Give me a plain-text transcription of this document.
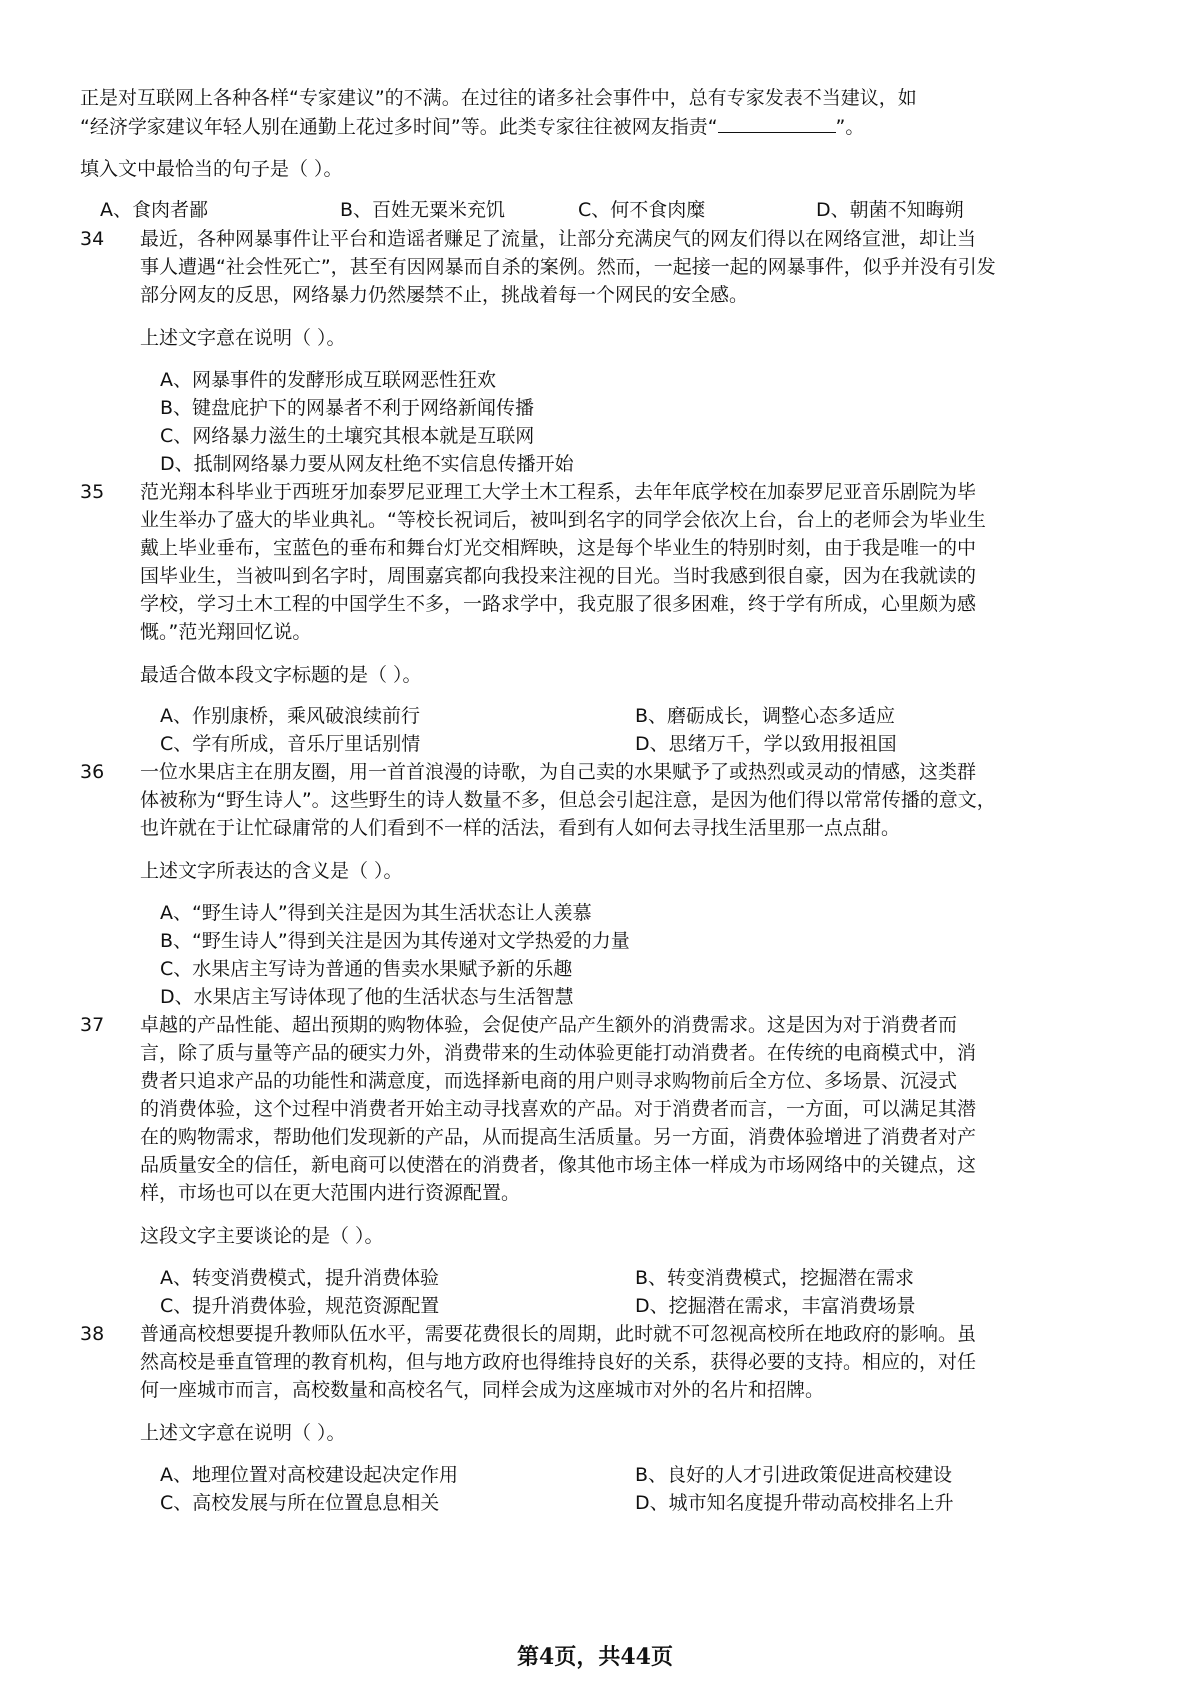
正是对互联网上各种各样“专家建议”的不满。在过往的诸多社会事件中，总有专家发表不当建议，如
“经济学家建议年轻人别在通勤上花过多时间”等。此类专家往往被网友指责“	”。
填入文中最恰当的句子是（ ）。
A、食肉者鄙	B、百姓无粟米充饥	C、何不食肉糜	D、朝菌不知晦朔
34 最近，各种网暴事件让平台和造谣者赚足了流量，让部分充满戾气的网友们得以在网络宣泄，却让当
事人遭遇“社会性死亡”，甚至有因网暴而自杀的案例。然而，一起接一起的网暴事件，似乎并没有引发
部分网友的反思，网络暴力仍然屡禁不止，挑战着每一个网民的安全感。
上述文字意在说明（ ）。
A、网暴事件的发酵形成互联网恶性狂欢
B、键盘庇护下的网暴者不利于网络新闻传播
C、网络暴力滋生的土壤究其根本就是互联网
D、抵制网络暴力要从网友杜绝不实信息传播开始
35 范光翔本科毕业于西班牙加泰罗尼亚理工大学土木工程系，去年年底学校在加泰罗尼亚音乐剧院为毕
业生举办了盛大的毕业典礼。“等校长祝词后，被叫到名字的同学会依次上台，台上的老师会为毕业生
戴上毕业垂布，宝蓝色的垂布和舞台灯光交相辉映，这是每个毕业生的特别时刻，由于我是唯一的中
国毕业生，当被叫到名字时，周围嘉宾都向我投来注视的目光。当时我感到很自豪，因为在我就读的
学校，学习土木工程的中国学生不多，一路求学中，我克服了很多困难，终于学有所成，心里颇为感
慨。”范光翔回忆说。
最适合做本段文字标题的是（ ）。
A、作别康桥，乘风破浪续前行	B、磨砺成长，调整心态多适应
C、学有所成，音乐厅里话别情	D、思绪万千，学以致用报祖国
36 一位水果店主在朋友圈，用一首首浪漫的诗歌，为自己卖的水果赋予了或热烈或灵动的情感，这类群
体被称为“野生诗人”。这些野生的诗人数量不多，但总会引起注意，是因为他们得以常常传播的意文，
也许就在于让忙碌庸常的人们看到不一样的活法，看到有人如何去寻找生活里那一点点甜。
上述文字所表达的含义是（ ）。
A、“野生诗人”得到关注是因为其生活状态让人羡慕
B、“野生诗人”得到关注是因为其传递对文学热爱的力量
C、水果店主写诗为普通的售卖水果赋予新的乐趣
D、水果店主写诗体现了他的生活状态与生活智慧
37 卓越的产品性能、超出预期的购物体验，会促使产品产生额外的消费需求。这是因为对于消费者而
言，除了质与量等产品的硬实力外，消费带来的生动体验更能打动消费者。在传统的电商模式中，消
费者只追求产品的功能性和满意度，而选择新电商的用户则寻求购物前后全方位、多场景、沉浸式
的消费体验，这个过程中消费者开始主动寻找喜欢的产品。对于消费者而言，一方面，可以满足其潜
在的购物需求，帮助他们发现新的产品，从而提高生活质量。另一方面，消费体验增进了消费者对产
品质量安全的信任，新电商可以使潜在的消费者，像其他市场主体一样成为市场网络中的关键点，这
样，市场也可以在更大范围内进行资源配置。
这段文字主要谈论的是（ ）。
A、转变消费模式，提升消费体验	B、转变消费模式，挖掘潜在需求
C、提升消费体验，规范资源配置	D、挖掘潜在需求，丰富消费场景
38 普通高校想要提升教师队伍水平，需要花费很长的周期，此时就不可忽视高校所在地政府的影响。虽
然高校是垂直管理的教育机构，但与地方政府也得维持良好的关系，获得必要的支持。相应的，对任
何一座城市而言，高校数量和高校名气，同样会成为这座城市对外的名片和招牌。
上述文字意在说明（ ）。
A、地理位置对高校建设起决定作用	B、良好的人才引进政策促进高校建设
C、高校发展与所在位置息息相关	D、城市知名度提升带动高校排名上升
第4页，共44页
